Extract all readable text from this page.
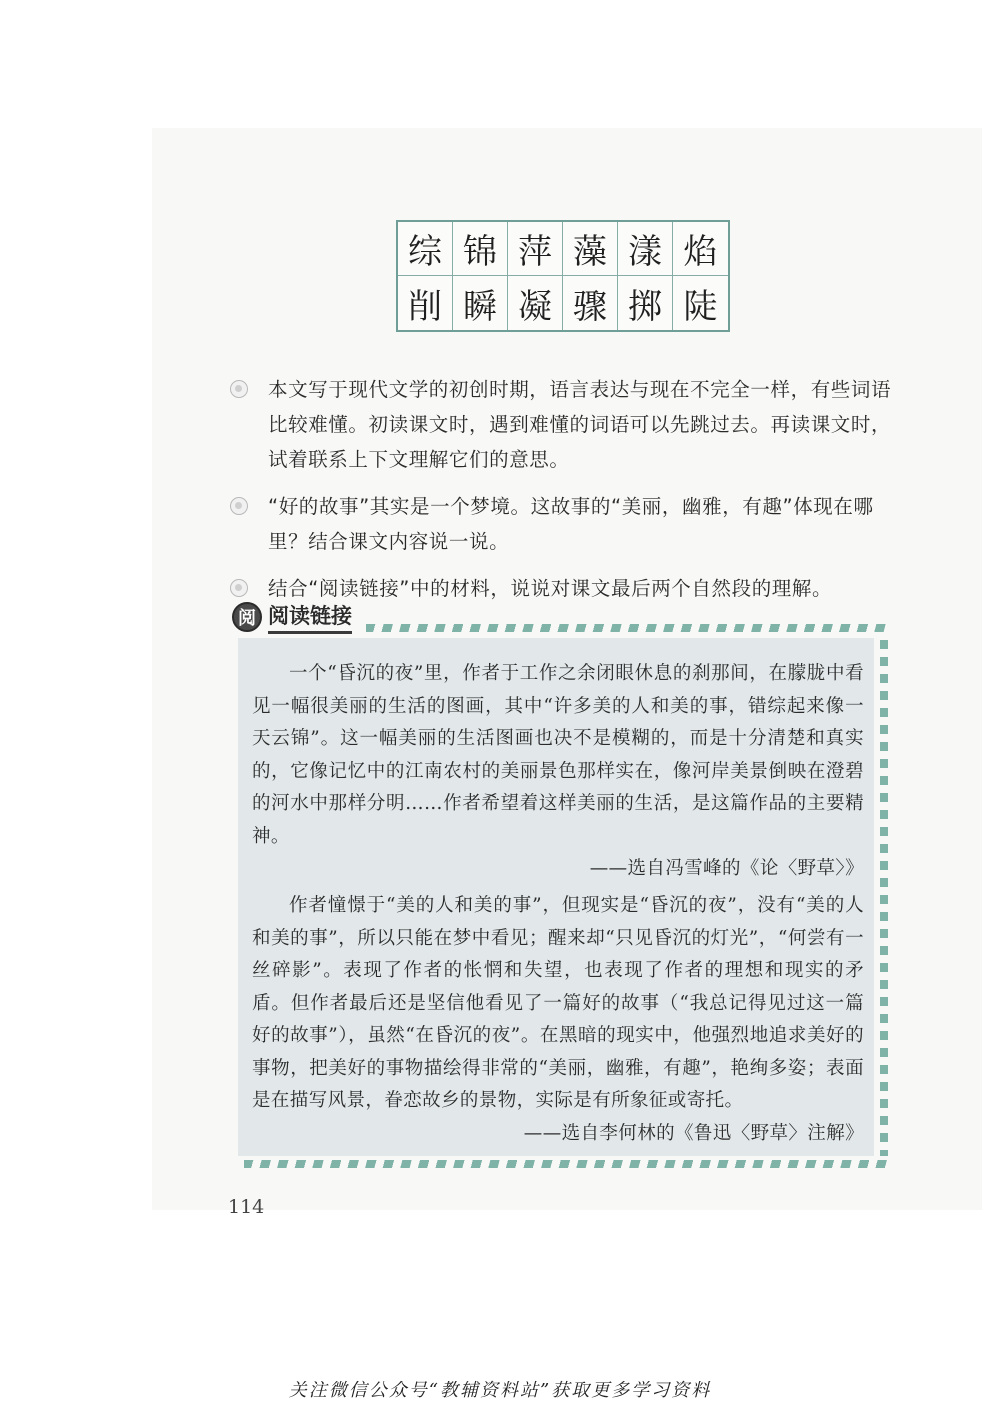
综 锦 萍 藻 漾 焰
削 瞬 凝 骤 掷 陡
本文写于现代文学的初创时期，语言表达与现在不完全一样，有些词语比较难懂。初读课文时，遇到难懂的词语可以先跳过去。再读课文时，试着联系上下文理解它们的意思。
“好的故事”其实是一个梦境。这故事的“美丽，幽雅，有趣”体现在哪里？结合课文内容说一说。
结合“阅读链接”中的材料，说说对课文最后两个自然段的理解。
阅 阅读链接

一个“昏沉的夜”里，作者于工作之余闭眼休息的刹那间，在朦胧中看见一幅很美丽的生活的图画，其中“许多美的人和美的事，错综起来像一天云锦”。这一幅美丽的生活图画也决不是模糊的，而是十分清楚和真实的，它像记忆中的江南农村的美丽景色那样实在，像河岸美景倒映在澄碧的河水中那样分明……作者希望着这样美丽的生活，是这篇作品的主要精神。

——选自冯雪峰的《论〈野草〉》

作者憧憬于“美的人和美的事”，但现实是“昏沉的夜”，没有“美的人和美的事”，所以只能在梦中看见；醒来却“只见昏沉的灯光”，“何尝有一丝碎影”。表现了作者的怅惘和失望，也表现了作者的理想和现实的矛盾。但作者最后还是坚信他看见了一篇好的故事（“我总记得见过这一篇好的故事”），虽然“在昏沉的夜”。在黑暗的现实中，他强烈地追求美好的事物，把美好的事物描绘得非常的“美丽，幽雅，有趣”，艳绚多姿；表面是在描写风景，眷恋故乡的景物，实际是有所象征或寄托。

——选自李何林的《鲁迅〈野草〉注解》

114
关注微信公众号“教辅资料站”获取更多学习资料
